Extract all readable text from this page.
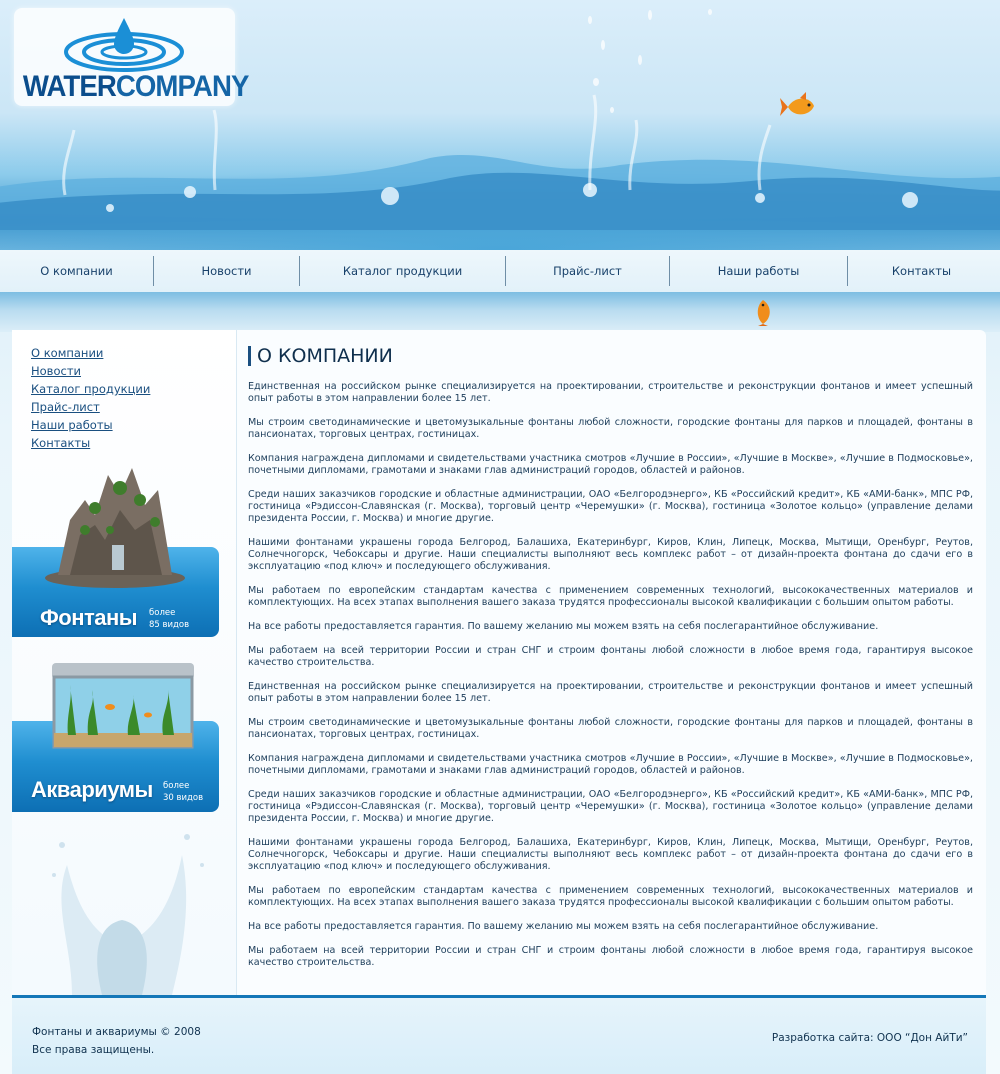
WATERCOMPANY
О компании	Новости	Каталог продукции	Прайс-лист	Наши работы	Контакты
О компании
Новости
Каталог продукции
Прайс-лист
Наши работы
Контакты
Фонтаны более
85 видов
Аквариумы более
30 видов
О КОМПАНИИ

Единственная на российском рынке специализируется на проектировании, строительстве и реконструкции фонтанов и имеет успешный опыт работы в этом направлении более 15 лет.

Мы строим светодинамические и цветомузыкальные фонтаны любой сложности, городские фонтаны для парков и площадей, фонтаны в пансионатах, торговых центрах, гостиницах.

Компания награждена дипломами и свидетельствами участника смотров «Лучшие в России», «Лучшие в Москве», «Лучшие в Подмосковье», почетными дипломами, грамотами и знаками глав администраций городов, областей и районов.

Среди наших заказчиков городские и областные администрации, ОАО «Белгородэнерго», КБ «Российский кредит», КБ «АМИ-банк», МПС РФ, гостиница «Рэдиссон-Славянская (г. Москва), торговый центр «Черемушки» (г. Москва), гостиница «Золотое кольцо» (управление делами президента России, г. Москва) и многие другие.

Нашими фонтанами украшены города Белгород, Балашиха, Екатеринбург, Киров, Клин, Липецк, Москва, Мытищи, Оренбург, Реутов, Солнечногорск, Чебоксары и другие. Наши специалисты выполняют весь комплекс работ – от дизайн-проекта фонтана до сдачи его в эксплуатацию «под ключ» и последующего обслуживания.

Мы работаем по европейским стандартам качества с применением современных технологий, высококачественных материалов и комплектующих. На всех этапах выполнения вашего заказа трудятся профессионалы высокой квалификации с большим опытом работы.

На все работы предоставляется гарантия. По вашему желанию мы можем взять на себя послегарантийное обслуживание.

Мы работаем на всей территории России и стран СНГ и строим фонтаны любой сложности в любое время года, гарантируя высокое качество строительства.

Единственная на российском рынке специализируется на проектировании, строительстве и реконструкции фонтанов и имеет успешный опыт работы в этом направлении более 15 лет.

Мы строим светодинамические и цветомузыкальные фонтаны любой сложности, городские фонтаны для парков и площадей, фонтаны в пансионатах, торговых центрах, гостиницах.

Компания награждена дипломами и свидетельствами участника смотров «Лучшие в России», «Лучшие в Москве», «Лучшие в Подмосковье», почетными дипломами, грамотами и знаками глав администраций городов, областей и районов.

Среди наших заказчиков городские и областные администрации, ОАО «Белгородэнерго», КБ «Российский кредит», КБ «АМИ-банк», МПС РФ, гостиница «Рэдиссон-Славянская (г. Москва), торговый центр «Черемушки» (г. Москва), гостиница «Золотое кольцо» (управление делами президента России, г. Москва) и многие другие.

Нашими фонтанами украшены города Белгород, Балашиха, Екатеринбург, Киров, Клин, Липецк, Москва, Мытищи, Оренбург, Реутов, Солнечногорск, Чебоксары и другие. Наши специалисты выполняют весь комплекс работ – от дизайн-проекта фонтана до сдачи его в эксплуатацию «под ключ» и последующего обслуживания.

Мы работаем по европейским стандартам качества с применением современных технологий, высококачественных материалов и комплектующих. На всех этапах выполнения вашего заказа трудятся профессионалы высокой квалификации с большим опытом работы.

На все работы предоставляется гарантия. По вашему желанию мы можем взять на себя послегарантийное обслуживание.

Мы работаем на всей территории России и стран СНГ и строим фонтаны любой сложности в любое время года, гарантируя высокое качество строительства.

Фонтаны и аквариумы © 2008
Все права защищены.
Разработка сайта: ООО “Дон АйТи”
